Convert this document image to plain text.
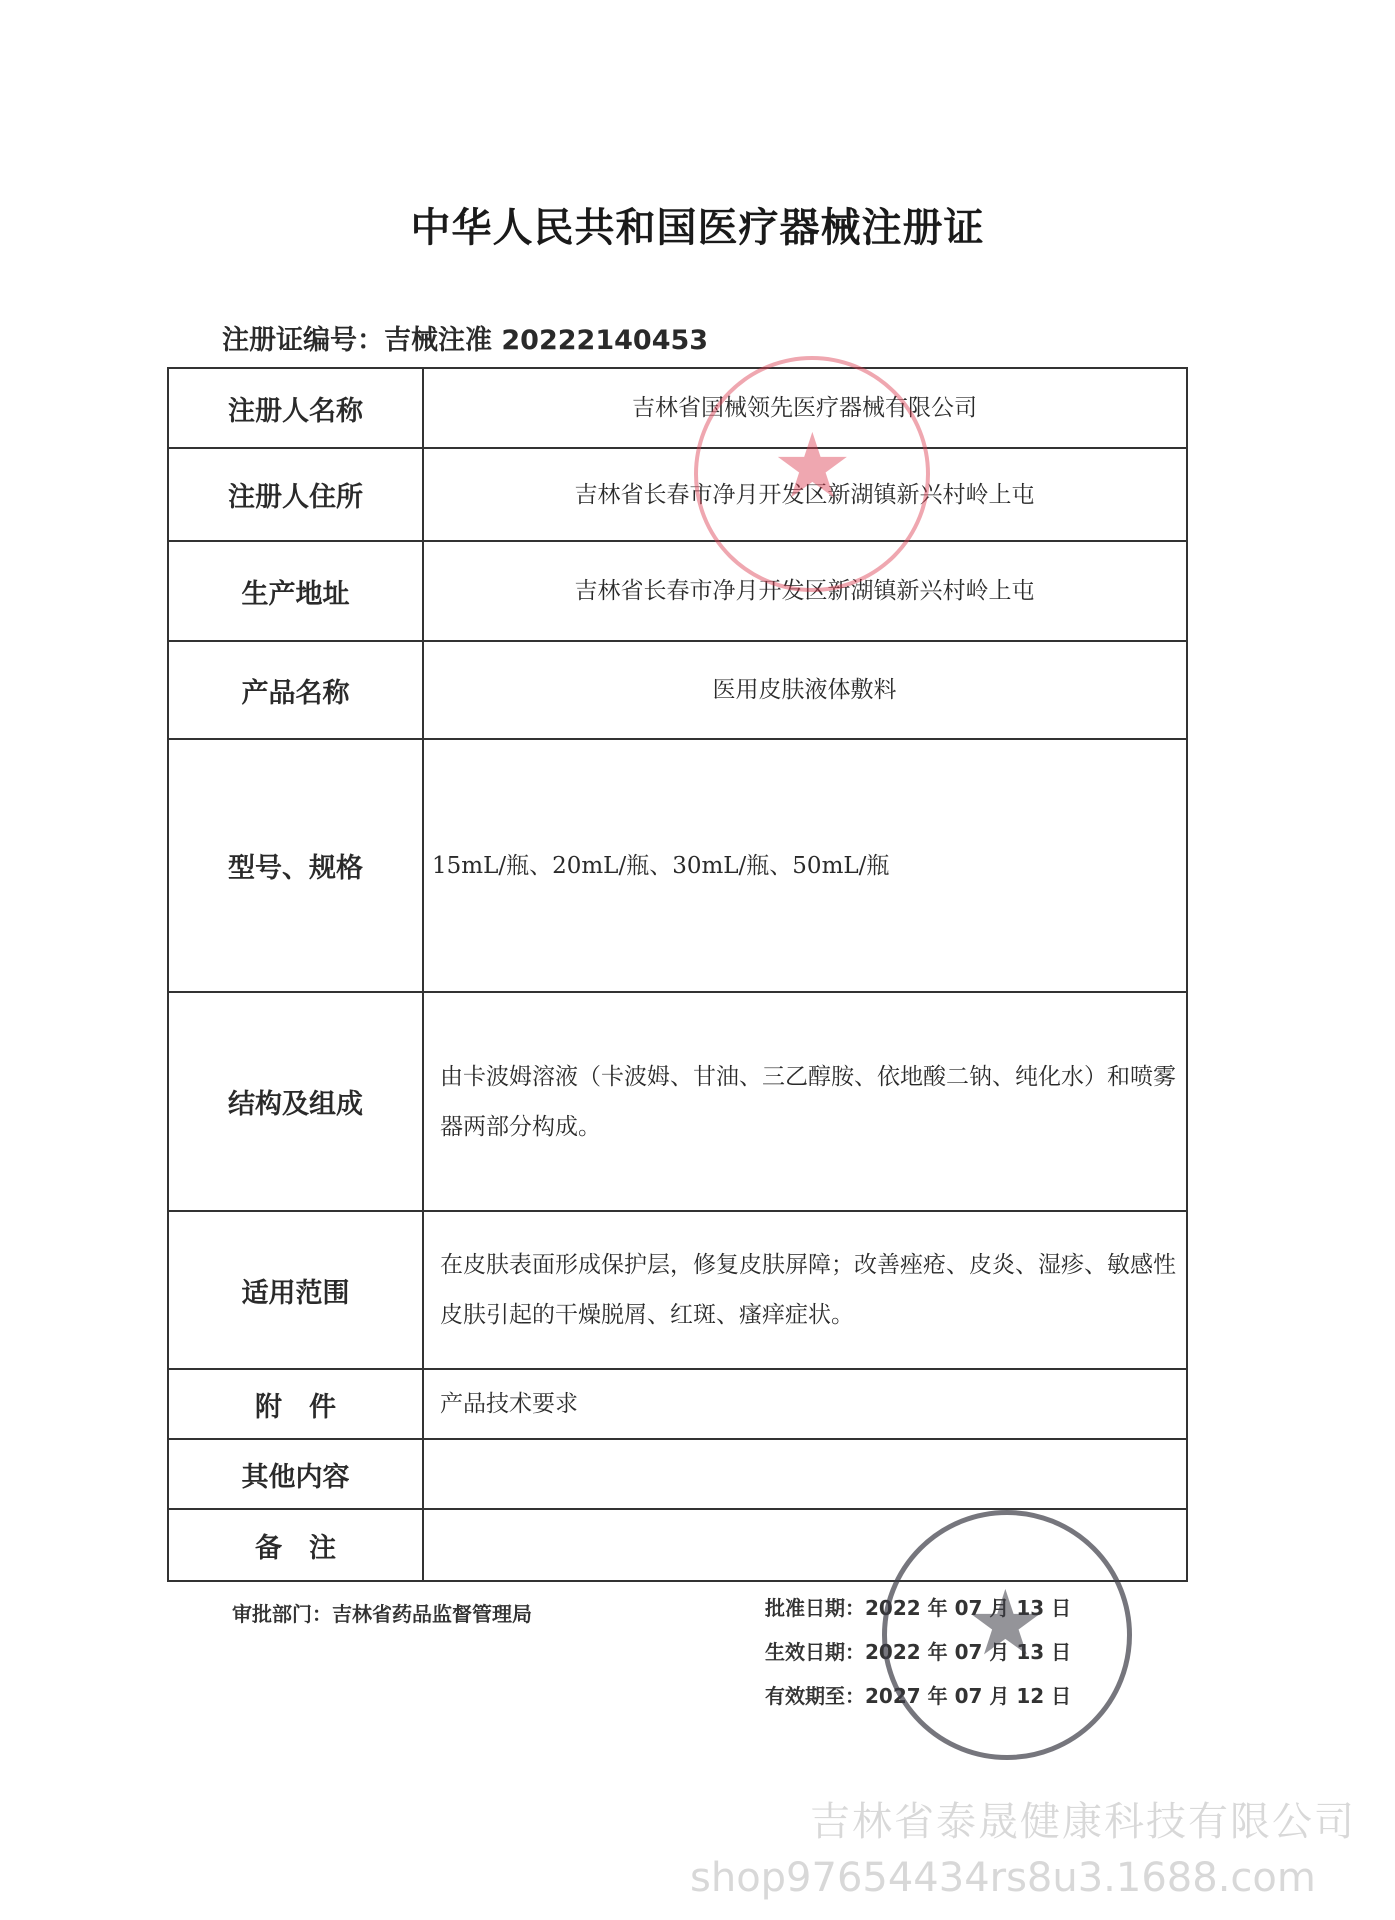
中华人民共和国医疗器械注册证
注册证编号：吉械注准 20222140453
注册人名称	吉林省国械领先医疗器械有限公司
注册人住所	吉林省长春市净月开发区新湖镇新兴村岭上屯
生产地址	吉林省长春市净月开发区新湖镇新兴村岭上屯
产品名称	医用皮肤液体敷料
型号、规格	15mL/瓶、20mL/瓶、30mL/瓶、50mL/瓶
结构及组成	由卡波姆溶液（卡波姆、甘油、三乙醇胺、依地酸二钠、纯化水）和喷雾器两部分构成。
适用范围	在皮肤表面形成保护层，修复皮肤屏障；改善痤疮、皮炎、湿疹、敏感性皮肤引起的干燥脱屑、红斑、瘙痒症状。
附　件	产品技术要求
其他内容	
备　注	
★
审批部门：吉林省药品监督管理局	批准日期：2022 年 07 月 13 日
生效日期：2022 年 07 月 13 日
有效期至：2027 年 07 月 12 日
★
吉林省泰晟健康科技有限公司
shop97654434rs8u3.1688.com
